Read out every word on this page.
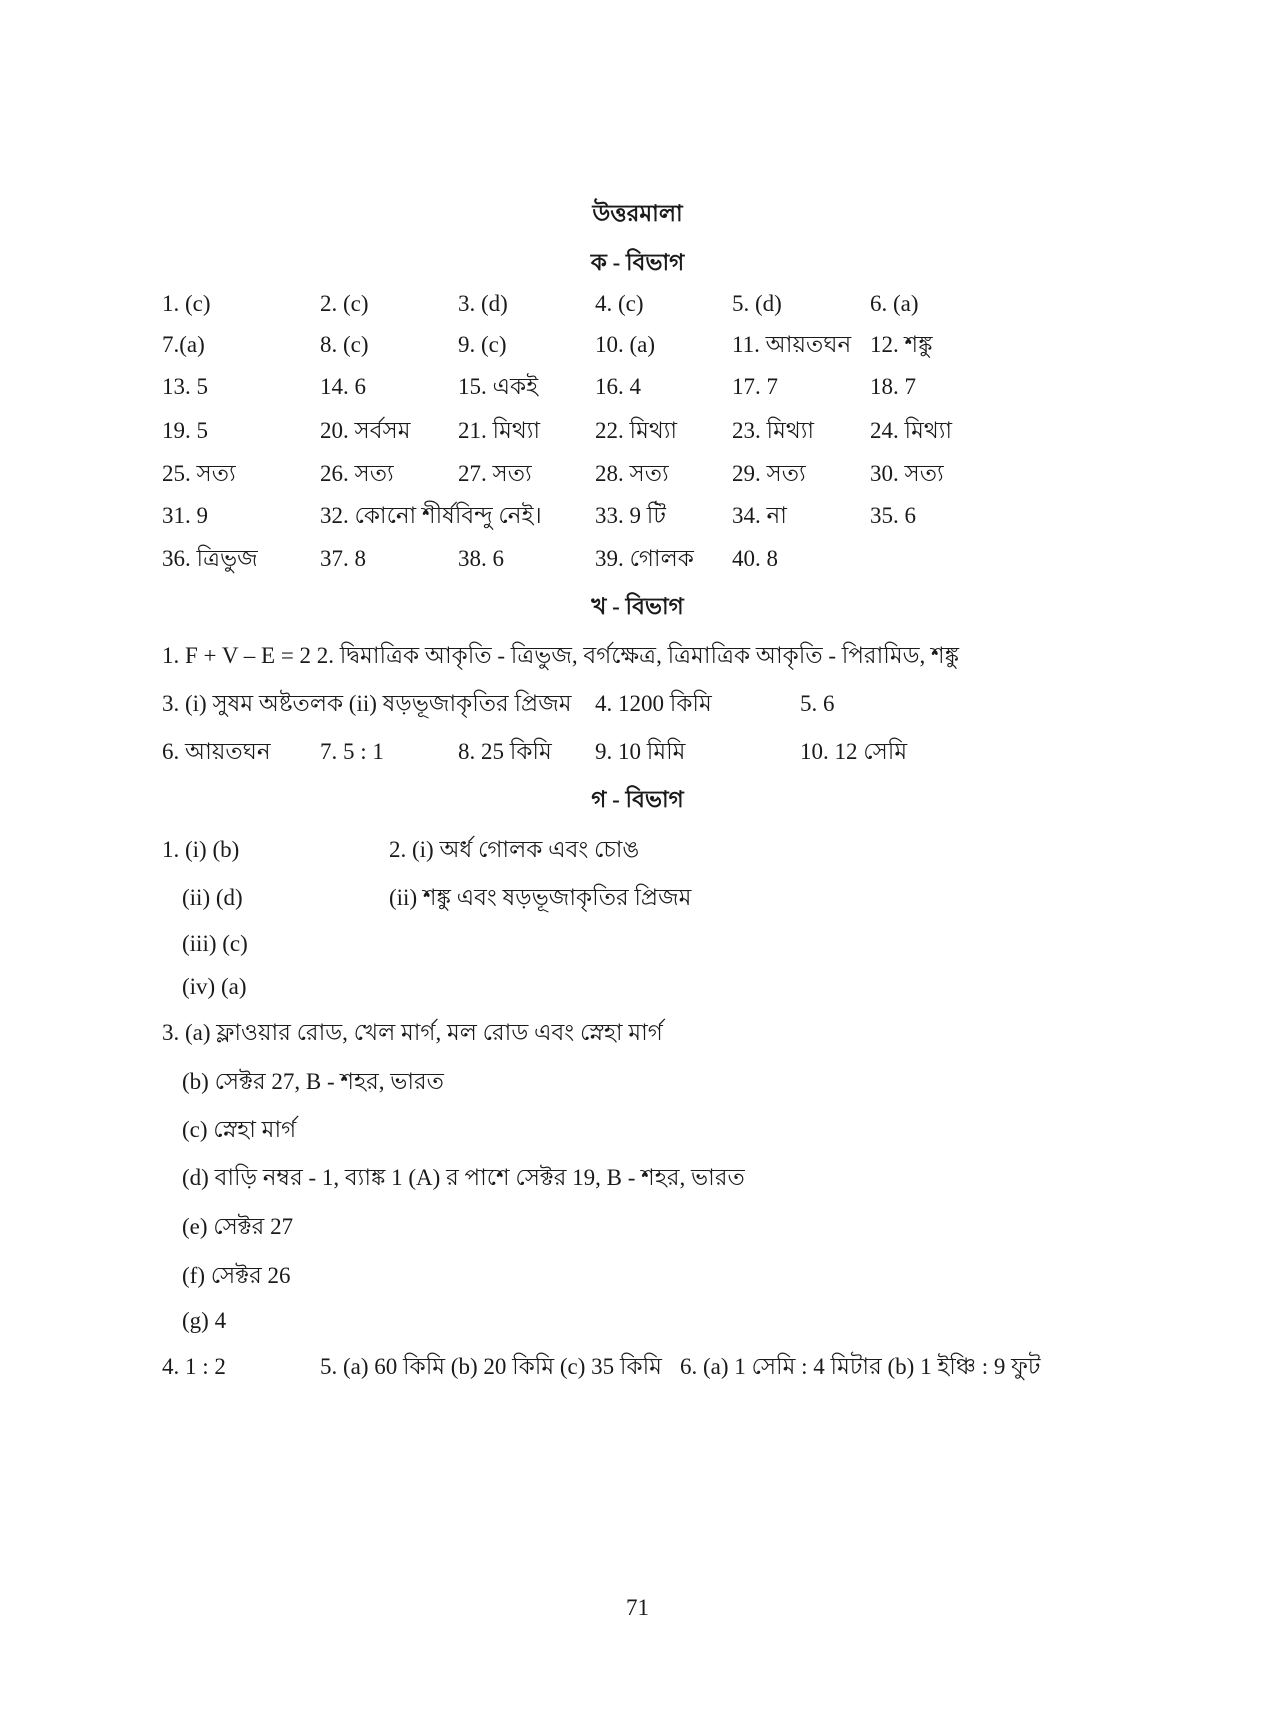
উত্তরমালা
ক - বিভাগ
1. (c)	2. (c)	3. (d)	4. (c)	5. (d)	6. (a)
7.(a)	8. (c)	9. (c)	10. (a)	11. আয়তঘন 12. শঙ্কু
13. 5	14. 6	15. একই 16. 4	17. 7	18. 7
19. 5	20. সর্বসম 21. মিথ্যা 22. মিথ্যা 23. মিথ্যা 24. মিথ্যা
25. সত্য	26. সত্য	27. সত্য	28. সত্য	29. সত্য	30. সত্য
31. 9	32. কোনো শীর্ষবিন্দু নেই। 33. 9 টি	34. না	35. 6
36. ত্রিভুজ	37. 8	38. 6	39. গোলক 40. 8
খ - বিভাগ
1. F + V – E = 2 2. দ্বিমাত্রিক আকৃতি - ত্রিভুজ, বর্গক্ষেত্র, ত্রিমাত্রিক আকৃতি - পিরামিড, শঙ্কু
3. (i) সুষম অষ্টতলক (ii) ষড়ভূজাকৃতির প্রিজম 4. 1200 কিমি	5. 6
6. আয়তঘন 7. 5 : 1	8. 25 কিমি 9. 10 মিমি	10. 12 সেমি
গ - বিভাগ
1. (i) (b)
(ii) (d)
(iii) (c)
(iv) (a)
2. (i) অর্ধ গোলক এবং চোঙ
(ii) শঙ্কু এবং ষড়ভূজাকৃতির প্রিজম
3. (a) ফ্লাওয়ার রোড, খেল মার্গ, মল রোড এবং স্নেহা মার্গ
(b) সেক্টর 27, B - শহর, ভারত
(c) স্নেহা মার্গ
(d) বাড়ি নম্বর - 1, ব্যাঙ্ক 1 (A) র পাশে সেক্টর 19, B - শহর, ভারত
(e) সেক্টর 27
(f) সেক্টর 26
(g) 4
4. 1 : 2	5. (a) 60 কিমি (b) 20 কিমি (c) 35 কিমি 6. (a) 1 সেমি : 4 মিটার (b) 1 ইঞ্চি : 9 ফুট
71
